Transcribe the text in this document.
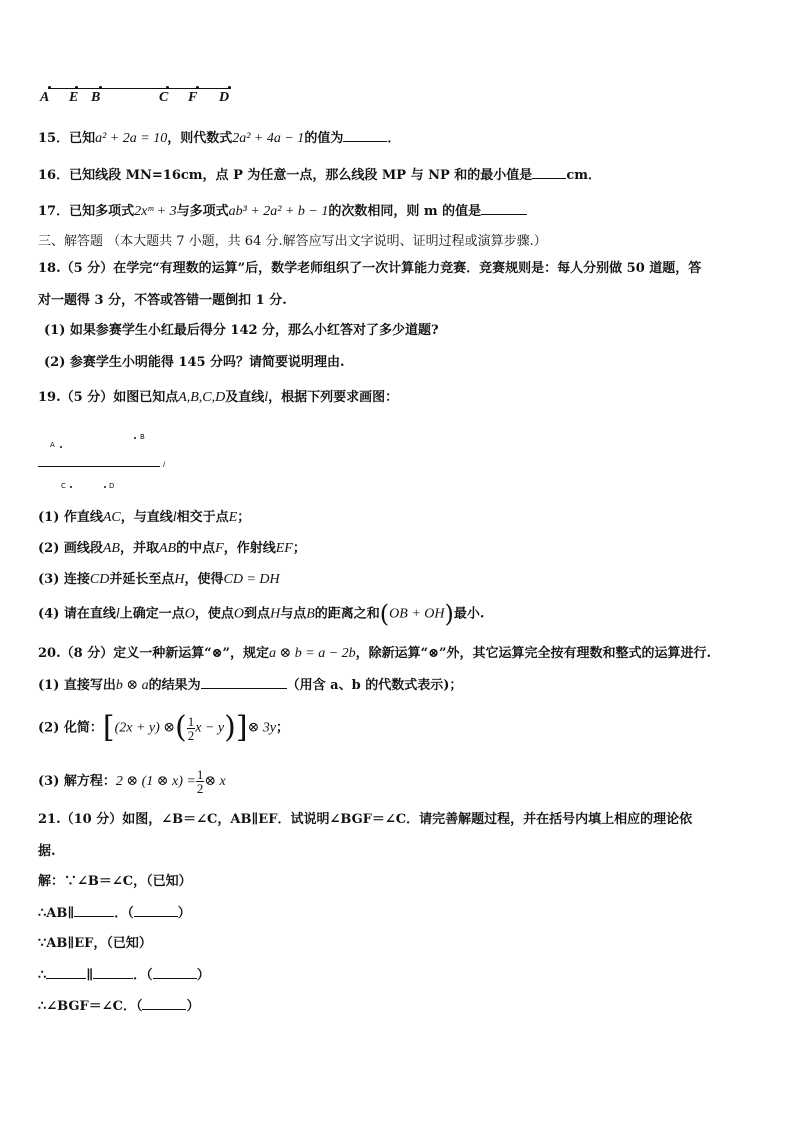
A E B	C F D
15．已知a² + 2a = 10，则代数式2a² + 4a − 1的值为	．
16．已知线段 MN=16cm，点 P 为任意一点，那么线段 MP 与 NP 和的最小值是	cm．
17．已知多项式2xᵐ + 3与多项式ab³ + 2a² + b − 1的次数相同，则 m 的值是
三、解答题 （本大题共 7 小题，共 64 分.解答应写出文字说明、证明过程或演算步骤.）
18.（5 分）在学完“有理数的运算”后，数学老师组织了一次计算能力竞赛．竞赛规则是：每人分别做 50 道题，答
对一题得 3 分，不答或答错一题倒扣 1 分.
(1) 如果参赛学生小红最后得分 142 分，那么小红答对了多少道题?
(2) 参赛学生小明能得 145 分吗？请简要说明理由.
19.（5 分）如图已知点A,B,C,D及直线l，根据下列要求画图：
A
B
l
C	D
(1) 作直线AC，与直线l相交于点E；
(2) 画线段AB，并取AB的中点F，作射线EF；
(3) 连接CD并延长至点H，使得CD = DH
(4) 请在直线l上确定一点O，使点O到点H与点B的距离之和(OB + OH)最小.
20.（8 分）定义一种新运算“⊗”，规定a ⊗ b = a − 2b，除新运算“⊗”外，其它运算完全按有理数和整式的运算进行.
(1) 直接写出b ⊗ a的结果为	（用含 a、b 的代数式表示)；
(2) 化简：[(2x + y) ⊗( $\frac{1}{2}$ x − y)]⊗ 3y；
(3) 解方程：2 ⊗ (1 ⊗ $x) = \frac{1}{2}$ ⊗ x
21.（10 分）如图，∠B＝∠C，AB∥EF．试说明∠BGF＝∠C．请完善解题过程，并在括号内填上相应的理论依
据.
解：∵∠B＝∠C，（已知）
∴AB∥	．（	）
∵AB∥EF，（已知）
∴	∥	．（	）
∴∠BGF＝∠C．（	）
